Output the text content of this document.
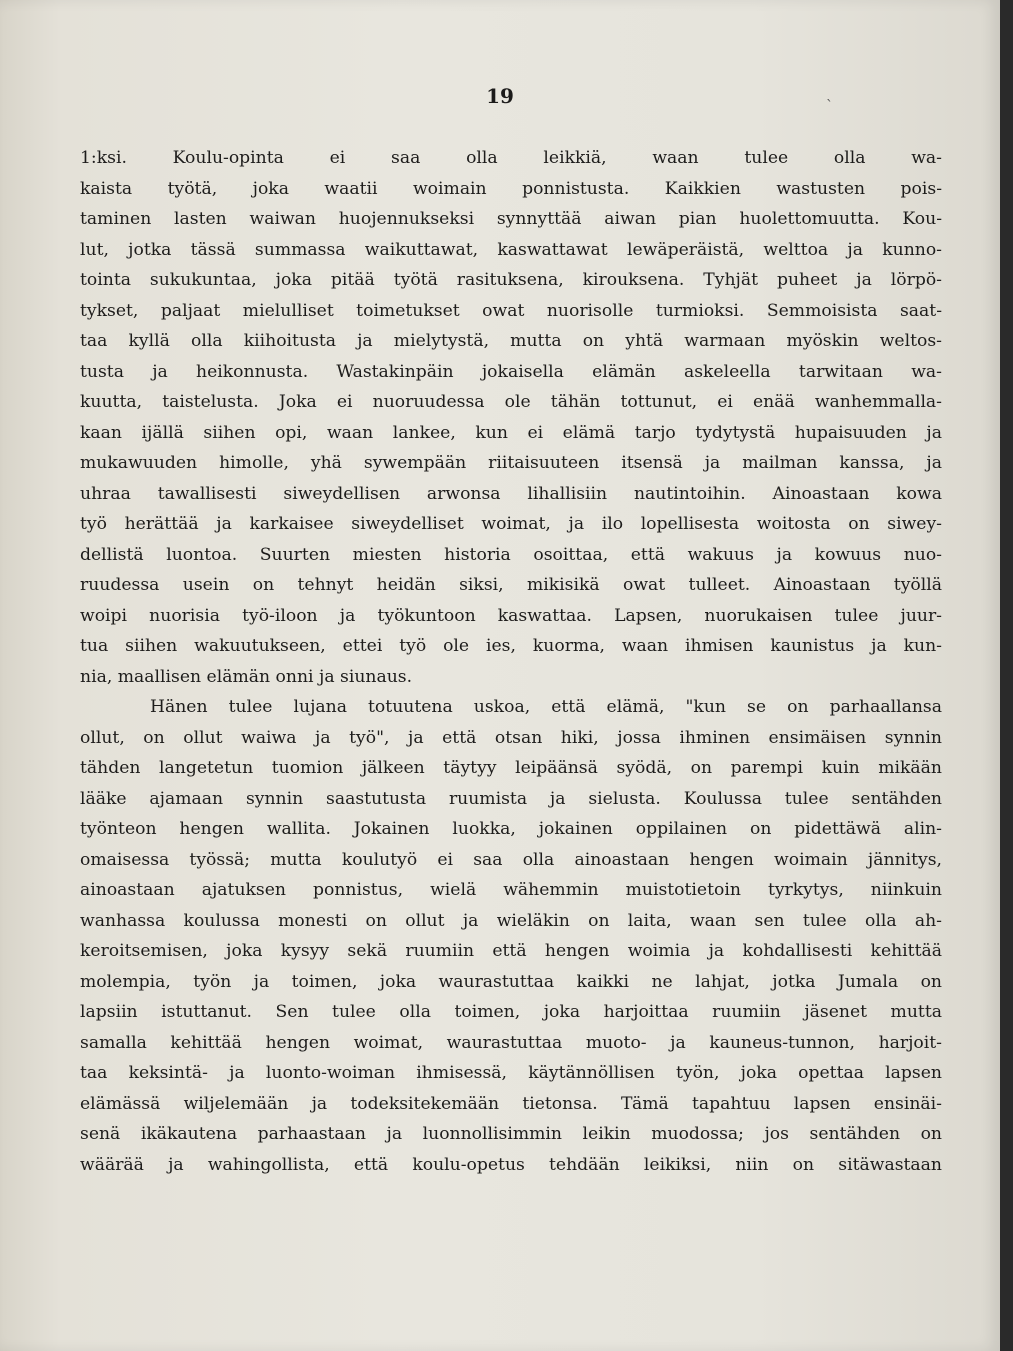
ˎ
19
1:ksi. Koulu-opinta ei saa olla leikkiä, waan tulee olla wa-
kaista työtä, joka waatii woimain ponnistusta. Kaikkien wastusten pois-
taminen lasten waiwan huojennukseksi synnyttää aiwan pian huolettomuutta. Kou-
lut, jotka tässä summassa waikuttawat, kaswattawat lewäperäistä, welttoa ja kunno-
tointa sukukuntaa, joka pitää työtä rasituksena, kirouksena. Tyhjät puheet ja lörpö-
tykset, paljaat mielulliset toimetukset owat nuorisolle turmioksi. Semmoisista saat-
taa kyllä olla kiihoitusta ja mielytystä, mutta on yhtä warmaan myöskin weltos-
tusta ja heikonnusta. Wastakinpäin jokaisella elämän askeleella tarwitaan wa-
kuutta, taistelusta. Joka ei nuoruudessa ole tähän tottunut, ei enää wanhemmalla-
kaan ijällä siihen opi, waan lankee, kun ei elämä tarjo tydytystä hupaisuuden ja
mukawuuden himolle, yhä sywempään riitaisuuteen itsensä ja mailman kanssa, ja
uhraa tawallisesti siweydellisen arwonsa lihallisiin nautintoihin. Ainoastaan kowa
työ herättää ja karkaisee siweydelliset woimat, ja ilo lopellisesta woitosta on siwey-
dellistä luontoa. Suurten miesten historia osoittaa, että wakuus ja kowuus nuo-
ruudessa usein on tehnyt heidän siksi, mikisikä owat tulleet. Ainoastaan työllä
woipi nuorisia työ-iloon ja työkuntoon kaswattaa. Lapsen, nuorukaisen tulee juur-
tua siihen wakuutukseen, ettei työ ole ies, kuorma, waan ihmisen kaunistus ja kun-
nia, maallisen elämän onni ja siunaus.
Hänen tulee lujana totuutena uskoa, että elämä, "kun se on parhaallansa
ollut, on ollut waiwa ja työ", ja että otsan hiki, jossa ihminen ensimäisen synnin
tähden langetetun tuomion jälkeen täytyy leipäänsä syödä, on parempi kuin mikään
lääke ajamaan synnin saastutusta ruumista ja sielusta. Koulussa tulee sentähden
työnteon hengen wallita. Jokainen luokka, jokainen oppilainen on pidettäwä alin-
omaisessa työssä; mutta koulutyö ei saa olla ainoastaan hengen woimain jännitys,
ainoastaan ajatuksen ponnistus, wielä wähemmin muistotietoin tyrkytys, niinkuin
wanhassa koulussa monesti on ollut ja wieläkin on laita, waan sen tulee olla ah-
keroitsemisen, joka kysyy sekä ruumiin että hengen woimia ja kohdallisesti kehittää
molempia, työn ja toimen, joka waurastuttaa kaikki ne lahjat, jotka Jumala on
lapsiin istuttanut. Sen tulee olla toimen, joka harjoittaa ruumiin jäsenet mutta
samalla kehittää hengen woimat, waurastuttaa muoto- ja kauneus-tunnon, harjoit-
taa keksintä- ja luonto-woiman ihmisessä, käytännöllisen työn, joka opettaa lapsen
elämässä wiljelemään ja todeksitekemään tietonsa. Tämä tapahtuu lapsen ensinäi-
senä ikäkautena parhaastaan ja luonnollisimmin leikin muodossa; jos sentähden on
wäärää ja wahingollista, että koulu-opetus tehdään leikiksi, niin on sitäwastaan
